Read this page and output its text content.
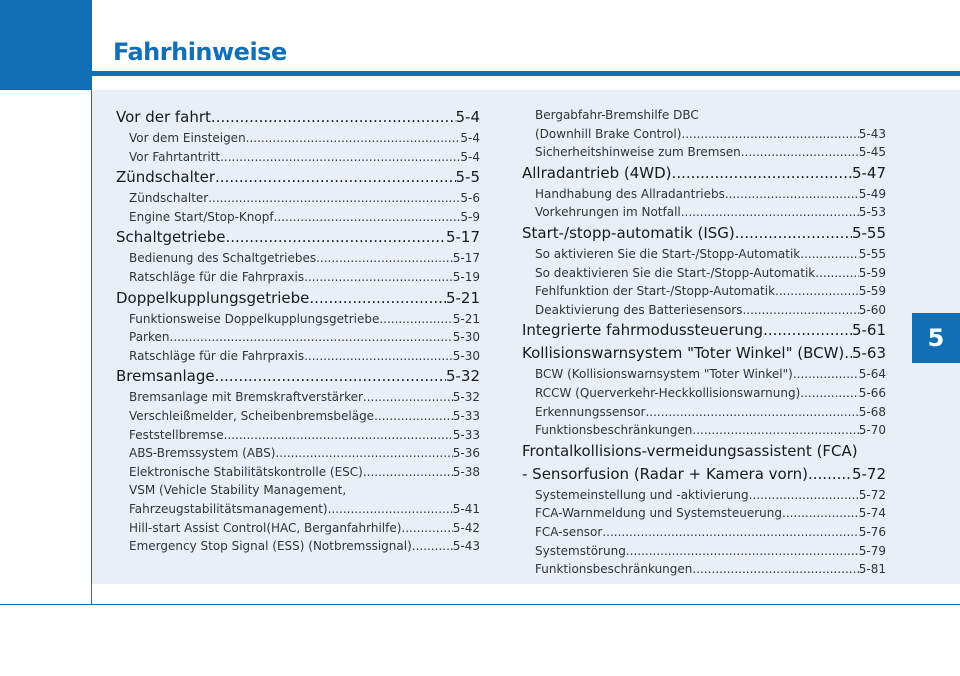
Fahrhinweise
5
Vor der fahrt .....	5-4
Vor dem Einsteigen .....	5-4
Vor Fahrtantritt .....	5-4
Zündschalter .....	5-5
Zündschalter .....	5-6
Engine Start/Stop-Knopf .....	5-9
Schaltgetriebe .....	5-17
Bedienung des Schaltgetriebes .....	5-17
Ratschläge für die Fahrpraxis .....	5-19
Doppelkupplungsgetriebe .....	5-21
Funktionsweise Doppelkupplungsgetriebe .....	5-21
Parken .....	5-30
Ratschläge für die Fahrpraxis .....	5-30
Bremsanlage .....	5-32
Bremsanlage mit Bremskraftverstärker .....	5-32
Verschleißmelder, Scheibenbremsbeläge .....	5-33
Feststellbremse .....	5-33
ABS-Bremssystem (ABS) .....	5-36
Elektronische Stabilitätskontrolle (ESC) .....	5-38
VSM (Vehicle Stability Management,
Fahrzeugstabilitätsmanagement) .....	5-41
Hill-start Assist Control(HAC, Berganfahrhilfe) .....	5-42
Emergency Stop Signal (ESS) (Notbremssignal) .....	5-43
Bergabfahr-Bremshilfe DBC
(Downhill Brake Control) .....	5-43
Sicherheitshinweise zum Bremsen .....	5-45
Allradantrieb (4WD) .....	5-47
Handhabung des Allradantriebs .....	5-49
Vorkehrungen im Notfall .....	5-53
Start-/stopp-automatik (ISG) .....	5-55
So aktivieren Sie die Start-/Stopp-Automatik .....	5-55
So deaktivieren Sie die Start-/Stopp-Automatik .....	5-59
Fehlfunktion der Start-/Stopp-Automatik .....	5-59
Deaktivierung des Batteriesensors .....	5-60
Integrierte fahrmodussteuerung .....	5-61
Kollisionswarnsystem "Toter Winkel" (BCW) ..... 5-63
BCW (Kollisionswarnsystem "Toter Winkel") .....	5-64
RCCW (Querverkehr-Heckkollisionswarnung) .....	5-66
Erkennungssensor .....	5-68
Funktionsbeschränkungen .....	5-70
Frontalkollisions-vermeidungsassistent (FCA)
- Sensorfusion (Radar + Kamera vorn) .....	5-72
Systemeinstellung und -aktivierung .....	5-72
FCA-Warnmeldung und Systemsteuerung .....	5-74
FCA-sensor .....	5-76
Systemstörung .....	5-79
Funktionsbeschränkungen .....	5-81
